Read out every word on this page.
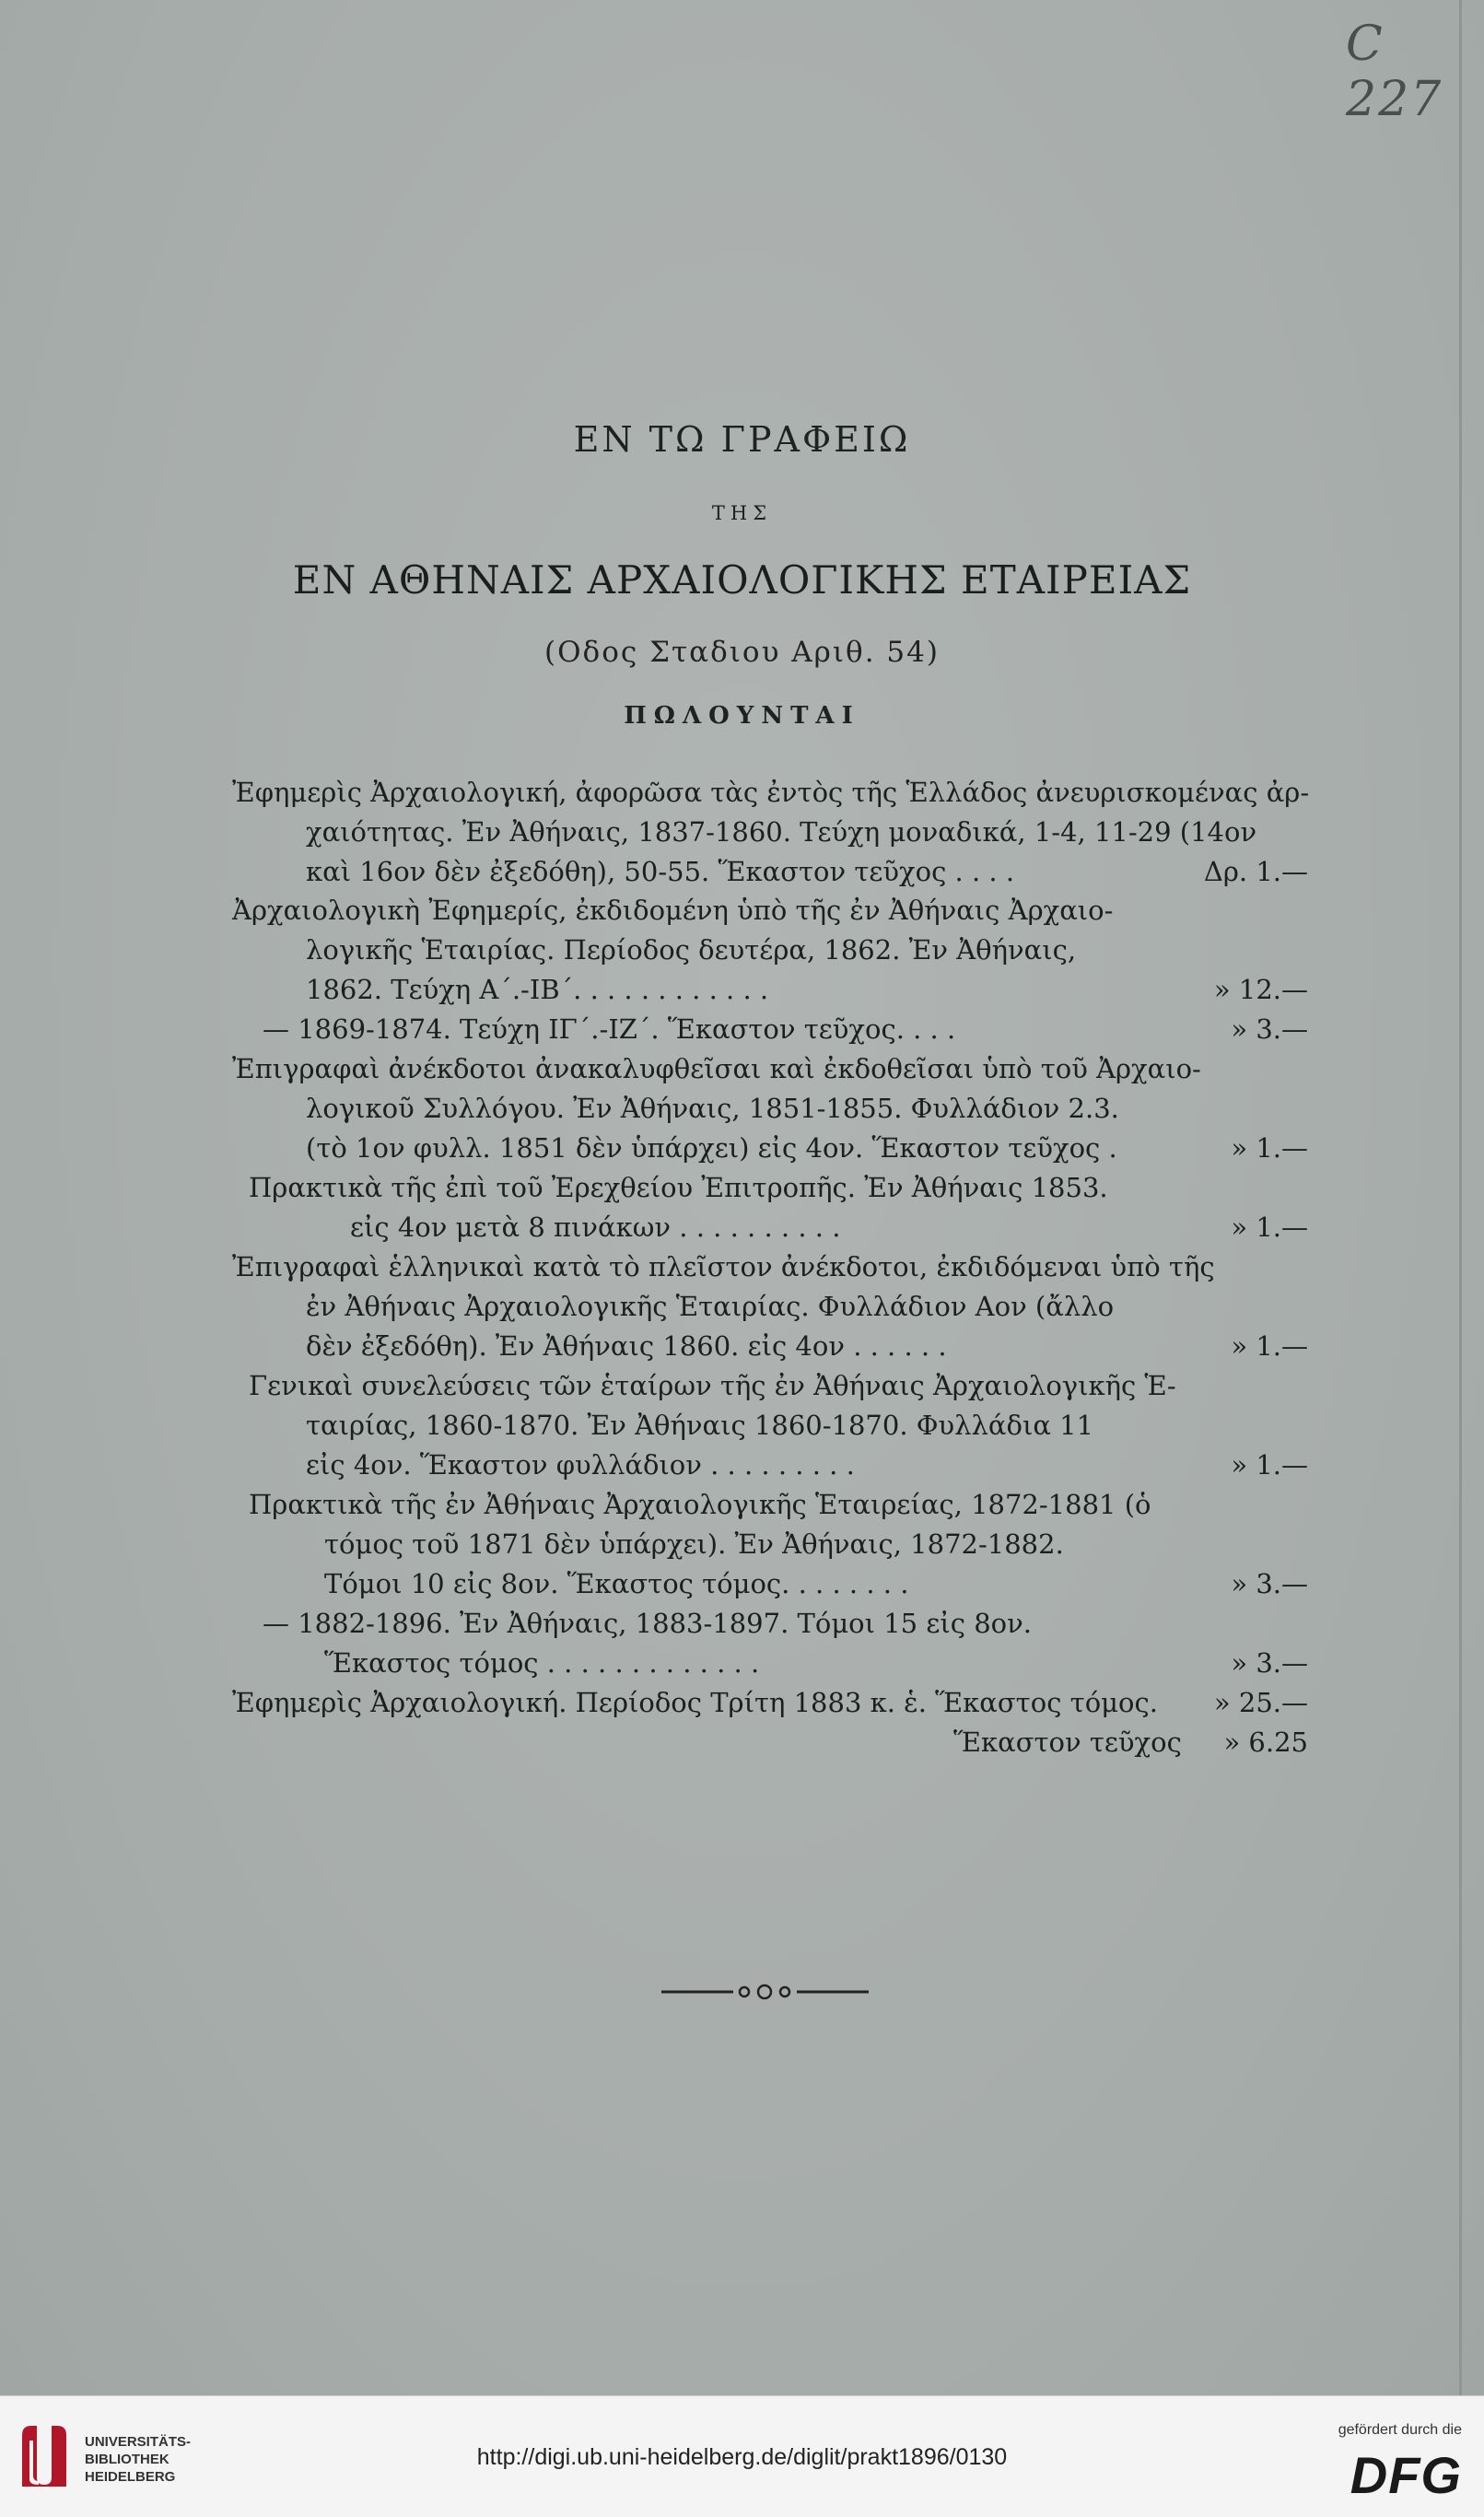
C 227
ΕΝ ΤΩ ΓΡΑΦΕΙΩ
ΤΗΣ
ΕΝ ΑΘΗΝΑΙΣ ΑΡΧΑΙΟΛΟΓΙΚΗΣ ΕΤΑΙΡΕΙΑΣ
(Οδος Σταδιου Αριθ. 54)
ΠΩΛΟΥΝΤΑΙ
Ἐφημερὶς Ἀρχαιολογική, ἀφορῶσα τὰς ἐντὸς τῆς Ἑλλάδος ἀνευρισκομένας ἀρ-
χαιότητας. Ἐν Ἀθήναις, 1837-1860. Τεύχη μοναδικά, 1-4, 11-29 (14ον
καὶ 16ον δὲν ἐξεδόθη), 50-55. Ἕκαστον τεῦχος . . . .	Δρ. 1.—
Ἀρχαιολογικὴ Ἐφημερίς, ἐκδιδομένη ὑπὸ τῆς ἐν Ἀθήναις Ἀρχαιο-
λογικῆς Ἑταιρίας. Περίοδος δευτέρα, 1862. Ἐν Ἀθήναις,
1862. Τεύχη Α΄.-ΙΒ΄. . . . . . . . . . . .	» 12.—
— 1869-1874. Τεύχη ΙΓ΄.-ΙΖ΄. Ἕκαστον τεῦχος. . . .	» 3.—
Ἐπιγραφαὶ ἀνέκδοτοι ἀνακαλυφθεῖσαι καὶ ἐκδοθεῖσαι ὑπὸ τοῦ Ἀρχαιο-
λογικοῦ Συλλόγου. Ἐν Ἀθήναις, 1851-1855. Φυλλάδιον 2.3.
(τὸ 1ον φυλλ. 1851 δὲν ὑπάρχει) εἰς 4ον. Ἕκαστον τεῦχος .	» 1.—
Πρακτικὰ τῆς ἐπὶ τοῦ Ἐρεχθείου Ἐπιτροπῆς. Ἐν Ἀθήναις 1853.
εἰς 4ον μετὰ 8 πινάκων . . . . . . . . . .	» 1.—
Ἐπιγραφαὶ ἑλληνικαὶ κατὰ τὸ πλεῖστον ἀνέκδοτοι, ἐκδιδόμεναι ὑπὸ τῆς
ἐν Ἀθήναις Ἀρχαιολογικῆς Ἑταιρίας. Φυλλάδιον Αον (ἄλλο
δὲν ἐξεδόθη). Ἐν Ἀθήναις 1860. εἰς 4ον . . . . . .	» 1.—
Γενικαὶ συνελεύσεις τῶν ἑταίρων τῆς ἐν Ἀθήναις Ἀρχαιολογικῆς Ἑ-
ταιρίας, 1860-1870. Ἐν Ἀθήναις 1860-1870. Φυλλάδια 11
εἰς 4ον. Ἕκαστον φυλλάδιον . . . . . . . . .	» 1.—
Πρακτικὰ τῆς ἐν Ἀθήναις Ἀρχαιολογικῆς Ἑταιρείας, 1872-1881 (ὁ
τόμος τοῦ 1871 δὲν ὑπάρχει). Ἐν Ἀθήναις, 1872-1882.
Τόμοι 10 εἰς 8ον. Ἕκαστος τόμος. . . . . . . .	» 3.—
— 1882-1896. Ἐν Ἀθήναις, 1883-1897. Τόμοι 15 εἰς 8ον.
Ἕκαστος τόμος . . . . . . . . . . . . .	» 3.—
Ἐφημερὶς Ἀρχαιολογική. Περίοδος Τρίτη 1883 κ. ἑ. Ἕκαστος τόμος.	» 25.—
Ἕκαστον τεῦχος	» 6.25
UNIVERSITÄTS-
BIBLIOTHEK
HEIDELBERG
http://digi.ub.uni-heidelberg.de/diglit/prakt1896/0130
gefördert durch die
DFG
